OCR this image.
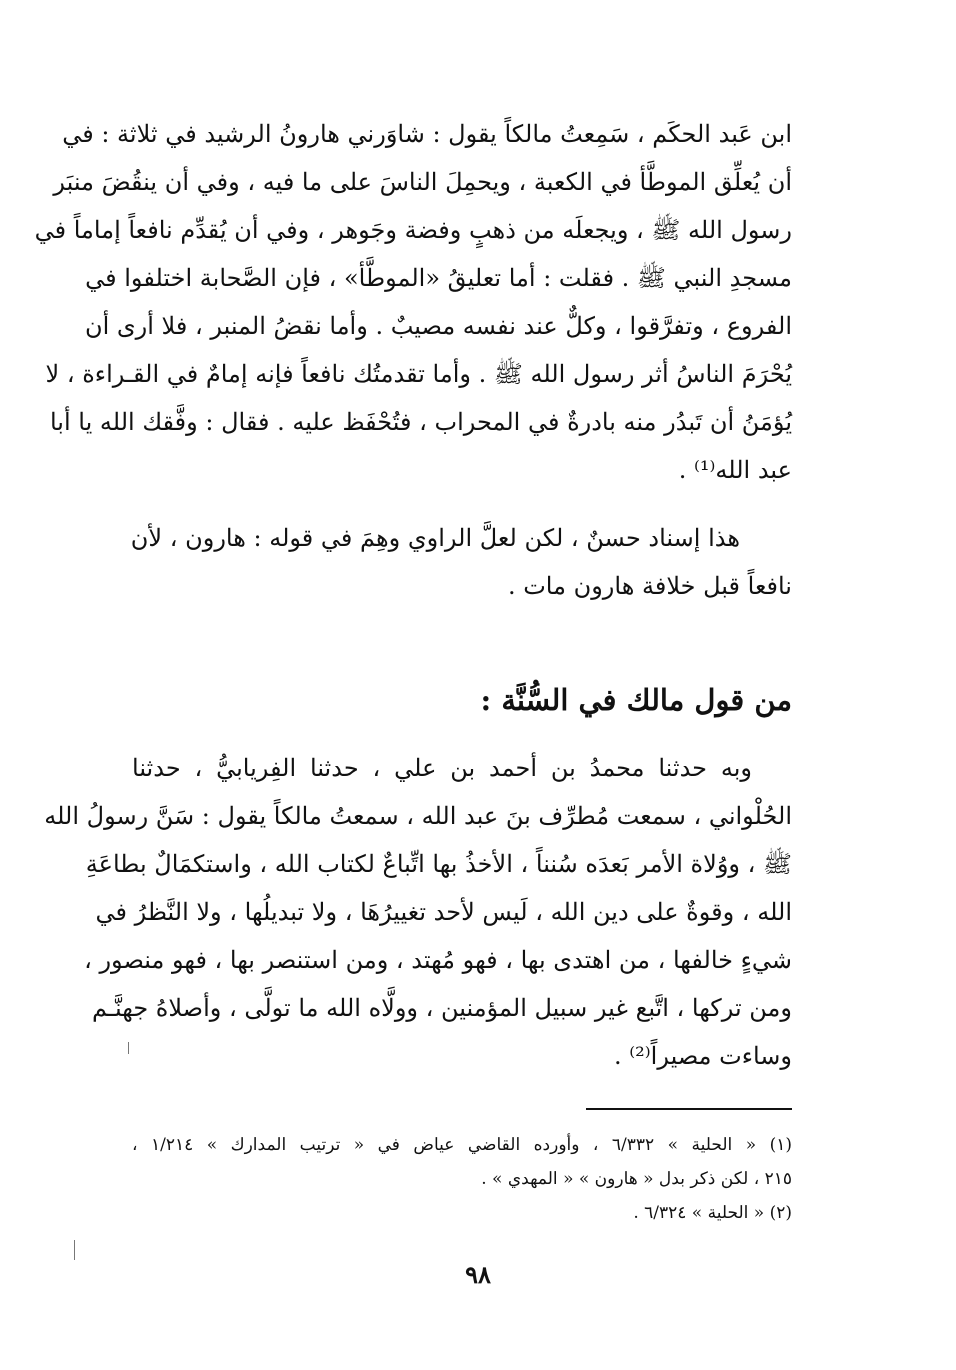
ابن عَبد الحكَم ، سَمِعتُ مالكاً يقول : شاوَرني هارونُ الرشيد في ثلاثة : في
أن يُعلِّق الموطَّأ في الكعبة ، ويحمِلَ الناسَ على ما فيه ، وفي أن ينقُضَ منبَر
رسول الله ﷺ ، ويجعلَه من ذهبٍ وفضة وجَوهر ، وفي أن يُقدِّم نافعاً إماماً في
مسجدِ النبي ﷺ . فقلت : أما تعليقُ «الموطَّأ» ، فإن الصَّحابة اختلفوا في
الفروع ، وتفرَّقوا ، وكلٌّ عند نفسه مصيبٌ . وأما نقضُ المنبر ، فلا أرى أن
يُحْرَمَ الناسُ أثر رسول الله ﷺ . وأما تقدمتُك نافعاً فإنه إمامٌ في القـراءة ، لا
يُؤمَنُ أن تَبدُر منه بادرةٌ في المحراب ، فتُحْفَظ عليه . فقال : وفَّقك الله يا أبا
عبد الله⁽¹⁾ .
هذا إسناد حسنٌ ، لكن لعلَّ الراوي وهِمَ في قوله : هارون ، لأن
نافعاً قبل خلافة هارون مات .
من قول مالك في السُّنَّة :
وبه حدثنا محمدُ بن أحمد بن علي ، حدثنا الفِريابيُّ ، حدثنا
الحُلْواني ، سمعت مُطرِّف بنَ عبد الله ، سمعتُ مالكاً يقول : سَنَّ رسولُ الله
ﷺ ، ووُلاة الأمر بَعدَه سُنناً ، الأخذُ بها اتِّباعٌ لكتاب الله ، واستكمَالٌ بطاعَةِ
الله ، وقوةٌ على دين الله ، لَيس لأحد تغييرُهَا ، ولا تبديلُها ، ولا النَّظرُ في
شيءٍ خالفها ، من اهتدى بها ، فهو مُهتد ، ومن استنصر بها ، فهو منصور ،
ومن تركها ، اتَّبع غير سبيل المؤمنين ، وولَّاه الله ما تولَّى ، وأصلاهُ جهنَّـم
وساءت مصيراً⁽²⁾ .
(١) « الحلية » ٦/٣٣٢ ، وأورده القاضي عياض في « ترتيب المدارك » ١/٢١٤ ،
٢١٥ ، لكن ذكر بدل « هارون » « المهدي » .
(٢) « الحلية » ٦/٣٢٤ .
٩٨
